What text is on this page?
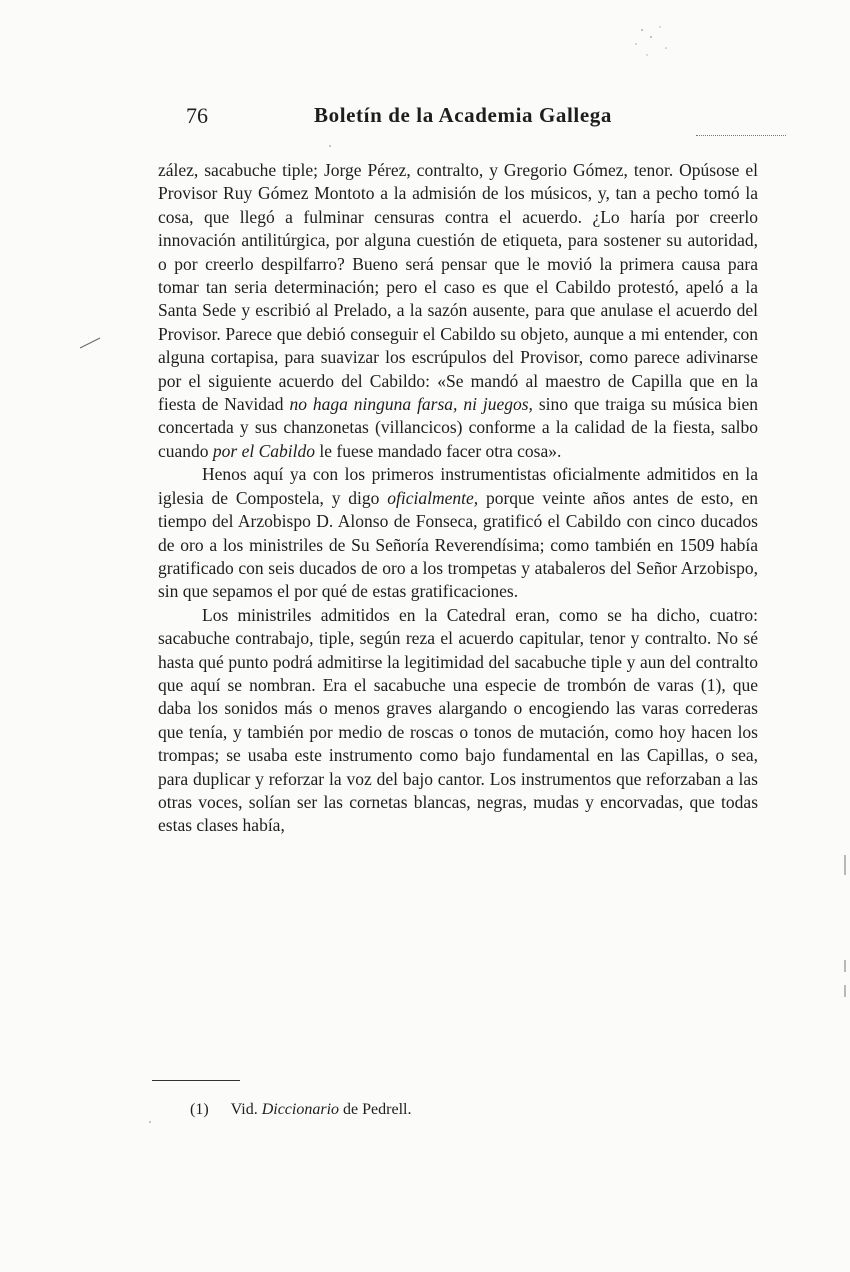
76	Boletín de la Academia Gallega

zález, sacabuche tiple; Jorge Pérez, contralto, y Gregorio Gómez, tenor. Opúsose el Provisor Ruy Gómez Montoto a la admisión de los músicos, y, tan a pecho tomó la cosa, que llegó a fulminar censuras contra el acuerdo. ¿Lo haría por creerlo innovación antilitúrgica, por alguna cuestión de etiqueta, para sostener su autoridad, o por creerlo despilfarro? Bueno será pensar que le movió la primera causa para tomar tan seria determinación; pero el caso es que el Cabildo protestó, apeló a la Santa Sede y escribió al Prelado, a la sazón ausente, para que anulase el acuerdo del Provisor. Parece que debió conseguir el Cabildo su objeto, aunque a mi entender, con alguna cortapisa, para suavizar los escrúpulos del Provisor, como parece adivinarse por el siguiente acuerdo del Cabildo: «Se mandó al maestro de Capilla que en la fiesta de Navidad no haga ninguna farsa, ni juegos, sino que traiga su música bien concertada y sus chanzonetas (villancicos) conforme a la calidad de la fiesta, salbo cuando por el Cabildo le fuese mandado facer otra cosa».

Henos aquí ya con los primeros instrumentistas oficialmente admitidos en la iglesia de Compostela, y digo oficialmente, porque veinte años antes de esto, en tiempo del Arzobispo D. Alonso de Fonseca, gratificó el Cabildo con cinco ducados de oro a los ministriles de Su Señoría Reverendísima; como también en 1509 había gratificado con seis ducados de oro a los trompetas y atabaleros del Señor Arzobispo, sin que sepamos el por qué de estas gratificaciones.

Los ministriles admitidos en la Catedral eran, como se ha dicho, cuatro: sacabuche contrabajo, tiple, según reza el acuerdo capitular, tenor y contralto. No sé hasta qué punto podrá admitirse la legitimidad del sacabuche tiple y aun del contralto que aquí se nombran. Era el sacabuche una especie de trombón de varas (1), que daba los sonidos más o menos graves alargando o encogiendo las varas correderas que tenía, y también por medio de roscas o tonos de mutación, como hoy hacen los trompas; se usaba este instrumento como bajo fundamental en las Capillas, o sea, para duplicar y reforzar la voz del bajo cantor. Los instrumentos que reforzaban a las otras voces, solían ser las cornetas blancas, negras, mudas y encorvadas, que todas estas clases había,

(1) Vid. Diccionario de Pedrell.
